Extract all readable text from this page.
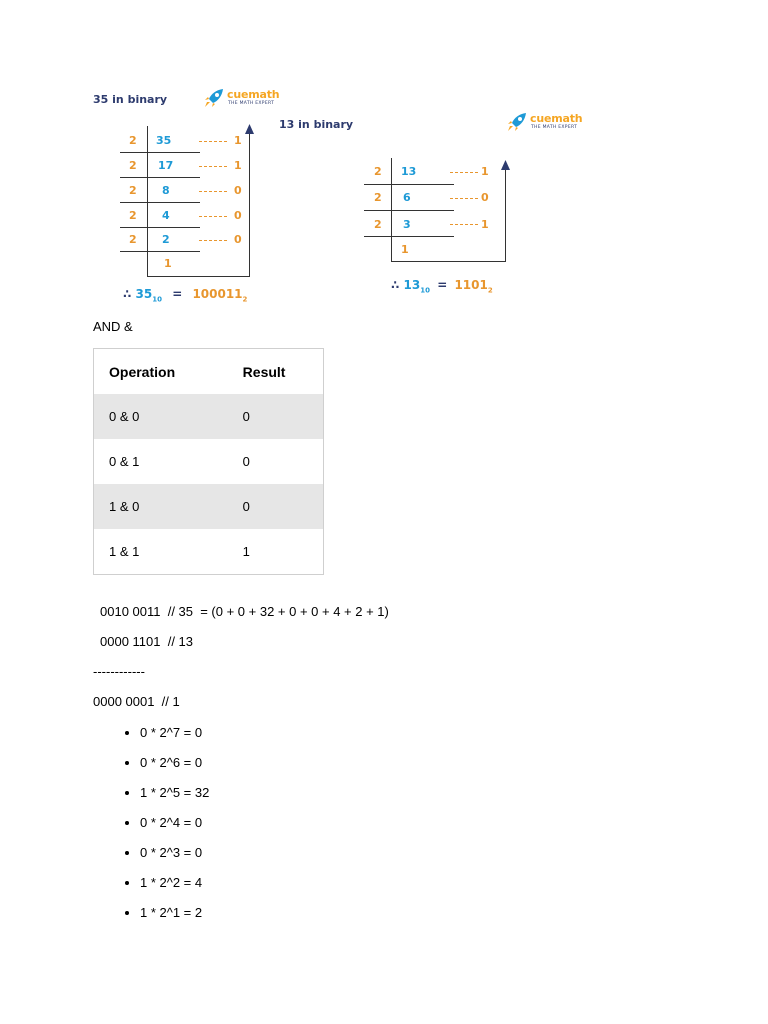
35 in binary	cuemath
THE MATH EXPERT
2 35	1
2 17	1
2 8	0
2 4	0
2 2	0
1
∴ $35_{10} = 100011_2$
13 in binary	cuemath
THE MATH EXPERT
2 13	1
2 6	0
2 3	1
1
∴ $13_{10} = 1101_2$
AND &
Operation	Result
0 & 0	0
0 & 1	0
1 & 0	0
1 & 1	1
0010 0011  // 35  = (0 + 0 + 32 + 0 + 0 + 4 + 2 + 1)
0000 1101  // 13
------------
0000 0001  // 1
• 0 * 2^7 = 0
• 0 * 2^6 = 0
• 1 * 2^5 = 32
• 0 * 2^4 = 0
• 0 * 2^3 = 0
• 1 * 2^2 = 4
• 1 * 2^1 = 2
